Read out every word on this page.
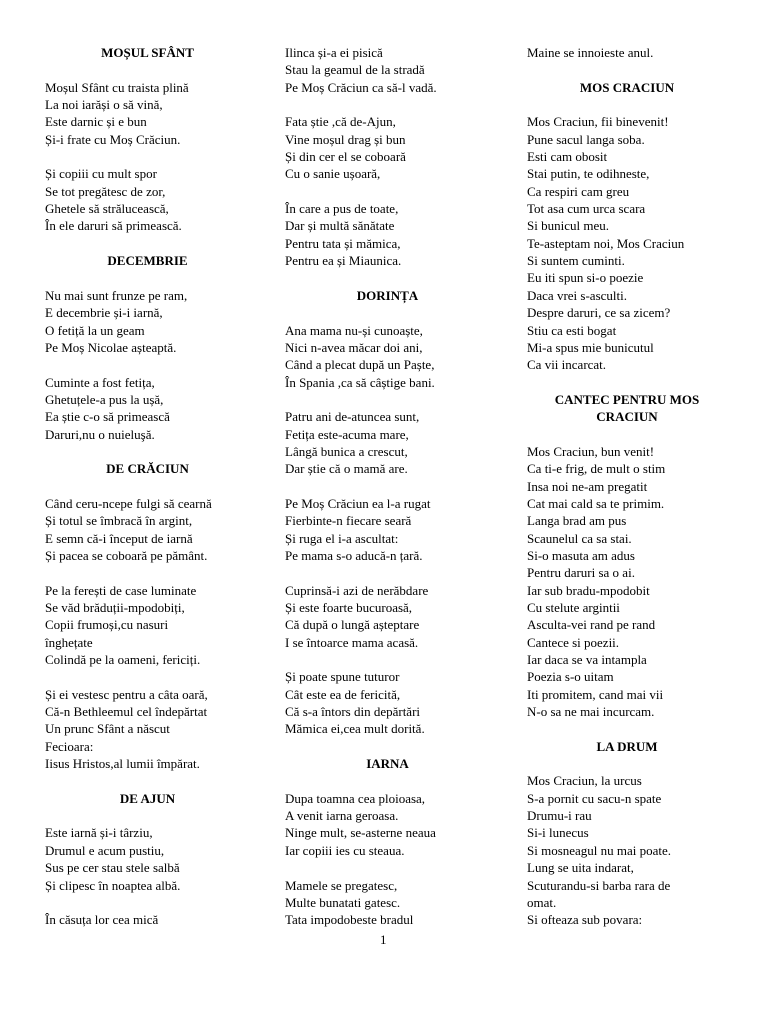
MOȘUL SFÂNT
Moșul Sfânt cu traista plină
La noi iarăși o să vină,
Este darnic și e bun
Și-i frate cu Moș Crăciun.
Și copiii cu mult spor
Se tot pregătesc de zor,
Ghetele să strălucească,
În ele daruri să primească.
DECEMBRIE
Nu mai sunt frunze pe ram,
E decembrie și-i iarnă,
O fetiță la un geam
Pe Moș Nicolae așteaptă.
Cuminte a fost fetița,
Ghetuțele-a pus la ușă,
Ea știe c-o să primească
Daruri,nu o nuieluşă.
DE CRĂCIUN
Când ceru-ncepe fulgi să cearnă
Și totul se îmbracă în argint,
E semn că-i început de iarnă
Și pacea se coboară pe pământ.
Pe la ferești de case luminate
Se văd brăduții-mpodobiți,
Copii frumoși,cu nasuri
înghețate
Colindă pe la oameni, fericiți.
Și ei vestesc pentru a câta oară,
Că-n Bethleemul cel îndepărtat
Un prunc Sfânt a născut
Fecioara:
Iisus Hristos,al lumii împărat.
DE AJUN
Este iarnă și-i târziu,
Drumul e acum pustiu,
Sus pe cer stau stele salbă
Și clipesc în noaptea albă.
În căsuța lor cea mică
Ilinca și-a ei pisică
Stau la geamul de la stradă
Pe Moș Crăciun ca să-l vadă.
Fata știe ,că de-Ajun,
Vine moșul drag și bun
Și din cer el se coboară
Cu o sanie ușoară,
În care a pus de toate,
Dar și multă sănătate
Pentru tata și mămica,
Pentru ea și Miaunica.
DORINȚA
Ana mama nu-și cunoaște,
Nici n-avea măcar doi ani,
Când a plecat după un Paște,
În Spania ,ca să câștige bani.
Patru ani de-atuncea sunt,
Fetița este-acuma mare,
Lângă bunica a crescut,
Dar știe că o mamă are.
Pe Moș Crăciun ea l-a rugat
Fierbinte-n fiecare seară
Și ruga el i-a ascultat:
Pe mama s-o aducă-n țară.
Cuprinsă-i azi de nerăbdare
Și este foarte bucuroasă,
Că după o lungă așteptare
I se întoarce mama acasă.
Și poate spune tuturor
Cât este ea de fericită,
Că s-a întors din depărtări
Mămica ei,cea mult dorită.
IARNA
Dupa toamna cea ploioasa,
A venit iarna geroasa.
Ninge mult, se-asterne neaua
Iar copiii ies cu steaua.
Mamele se pregatesc,
Multe bunatati gatesc.
Tata impodobeste bradul
Maine se innoieste anul.
MOS CRACIUN
Mos Craciun, fii binevenit!
Pune sacul langa soba.
Esti cam obosit
Stai putin, te odihneste,
Ca respiri cam greu
Tot asa cum urca scara
Si bunicul meu.
Te-asteptam noi, Mos Craciun
Si suntem cuminti.
Eu iti spun si-o poezie
Daca vrei s-asculti.
Despre daruri, ce sa zicem?
Stiu ca esti bogat
Mi-a spus mie bunicutul
Ca vii incarcat.
CANTEC PENTRU MOS CRACIUN
Mos Craciun, bun venit!
Ca ti-e frig, de mult o stim
Insa noi ne-am pregatit
Cat mai cald sa te primim.
Langa brad am pus
Scaunelul ca sa stai.
Si-o masuta am adus
Pentru daruri sa o ai.
Iar sub bradu-mpodobit
Cu stelute argintii
Asculta-vei rand pe rand
Cantece si poezii.
Iar daca se va intampla
Poezia s-o uitam
Iti promitem, cand mai vii
N-o sa ne mai incurcam.
LA DRUM
Mos Craciun, la urcus
S-a pornit cu sacu-n spate
Drumu-i rau
Si-i lunecus
Si mosneagul nu mai poate.
Lung se uita indarat,
Scuturandu-si barba rara de
omat.
Si ofteaza sub povara:
1
